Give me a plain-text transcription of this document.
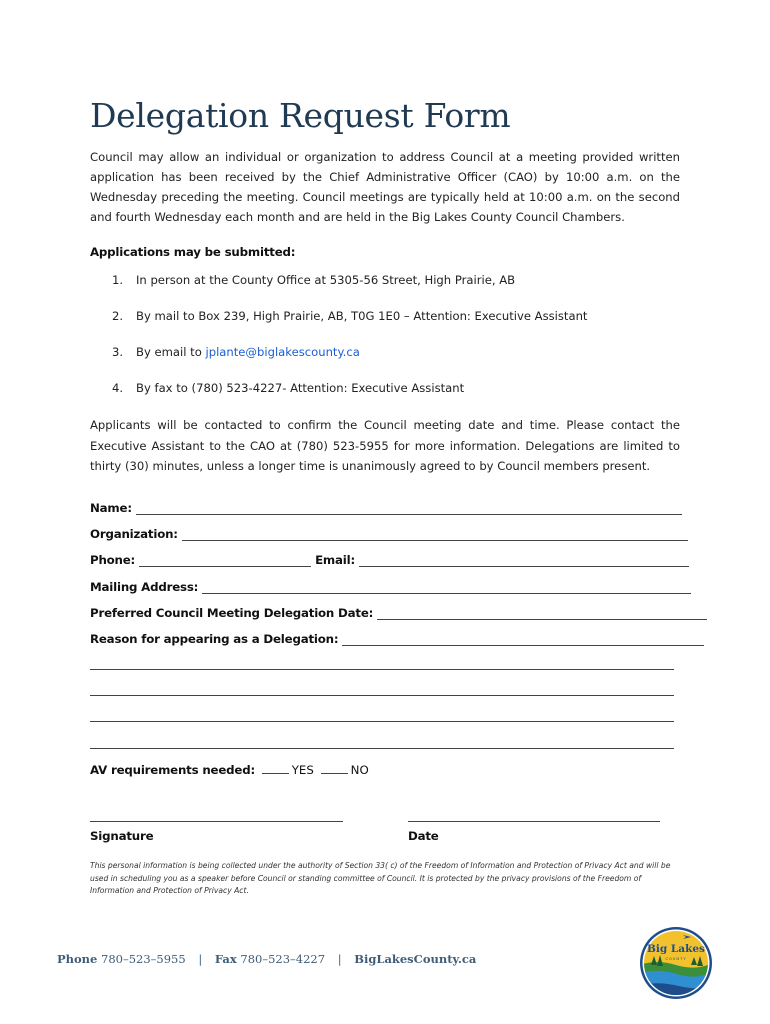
Delegation Request Form
Council may allow an individual or organization to address Council at a meeting provided written application has been received by the Chief Administrative Officer (CAO) by 10:00 a.m. on the Wednesday preceding the meeting. Council meetings are typically held at 10:00 a.m. on the second and fourth Wednesday each month and are held in the Big Lakes County Council Chambers.
Applications may be submitted:
1. In person at the County Office at 5305-56 Street, High Prairie, AB
2. By mail to Box 239, High Prairie, AB, T0G 1E0 – Attention: Executive Assistant
3. By email to jplante@biglakescounty.ca
4. By fax to (780) 523-4227- Attention: Executive Assistant
Applicants will be contacted to confirm the Council meeting date and time. Please contact the Executive Assistant to the CAO at (780) 523-5955 for more information. Delegations are limited to thirty (30) minutes, unless a longer time is unanimously agreed to by Council members present.
Name:
Organization:
Phone:	Email:
Mailing Address:
Preferred Council Meeting Delegation Date:
Reason for appearing as a Delegation:
AV requirements needed:	YES	NO
Signature	Date
This personal information is being collected under the authority of Section 33( c) of the Freedom of Information and Protection of Privacy Act and will be used in scheduling you as a speaker before Council or standing committee of Council. It is protected by the privacy provisions of the Freedom of Information and Protection of Privacy Act.
Phone 780–523–5955 | Fax 780–523–4227 | BigLakesCounty.ca
Big Lakes
COUNTY
